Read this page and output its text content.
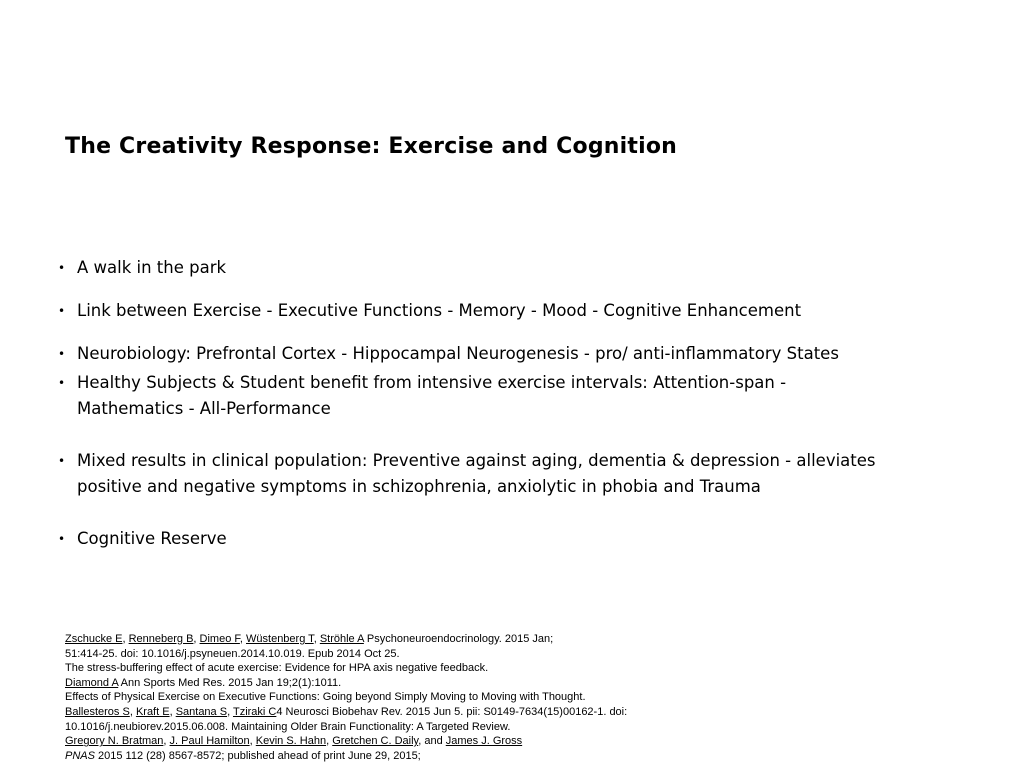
The Creativity Response: Exercise and Cognition
• A walk in the park
• Link between Exercise - Executive Functions - Memory - Mood - Cognitive Enhancement
• Neurobiology: Prefrontal Cortex - Hippocampal Neurogenesis - pro/ anti-inflammatory States
• Healthy Subjects & Student benefit from intensive exercise intervals: Attention-span - Mathematics - All-Performance
• Mixed results in clinical population: Preventive against aging, dementia & depression - alleviates positive and negative symptoms in schizophrenia, anxiolytic in phobia and Trauma
• Cognitive Reserve
Zschucke E, Renneberg B, Dimeo F, Wüstenberg T, Ströhle A Psychoneuroendocrinology. 2015 Jan;
51:414-25. doi: 10.1016/j.psyneuen.2014.10.019. Epub 2014 Oct 25.
The stress-buffering effect of acute exercise: Evidence for HPA axis negative feedback.
Diamond A Ann Sports Med Res. 2015 Jan 19;2(1):1011.
Effects of Physical Exercise on Executive Functions: Going beyond Simply Moving to Moving with Thought.
Ballesteros S, Kraft E, Santana S, Tziraki C4 Neurosci Biobehav Rev. 2015 Jun 5. pii: S0149-7634(15)00162-1. doi:
10.1016/j.neubiorev.2015.06.008. Maintaining Older Brain Functionality: A Targeted Review.
Gregory N. Bratman, J. Paul Hamilton, Kevin S. Hahn, Gretchen C. Daily, and James J. Gross
PNAS 2015 112 (28) 8567-8572; published ahead of print June 29, 2015;
